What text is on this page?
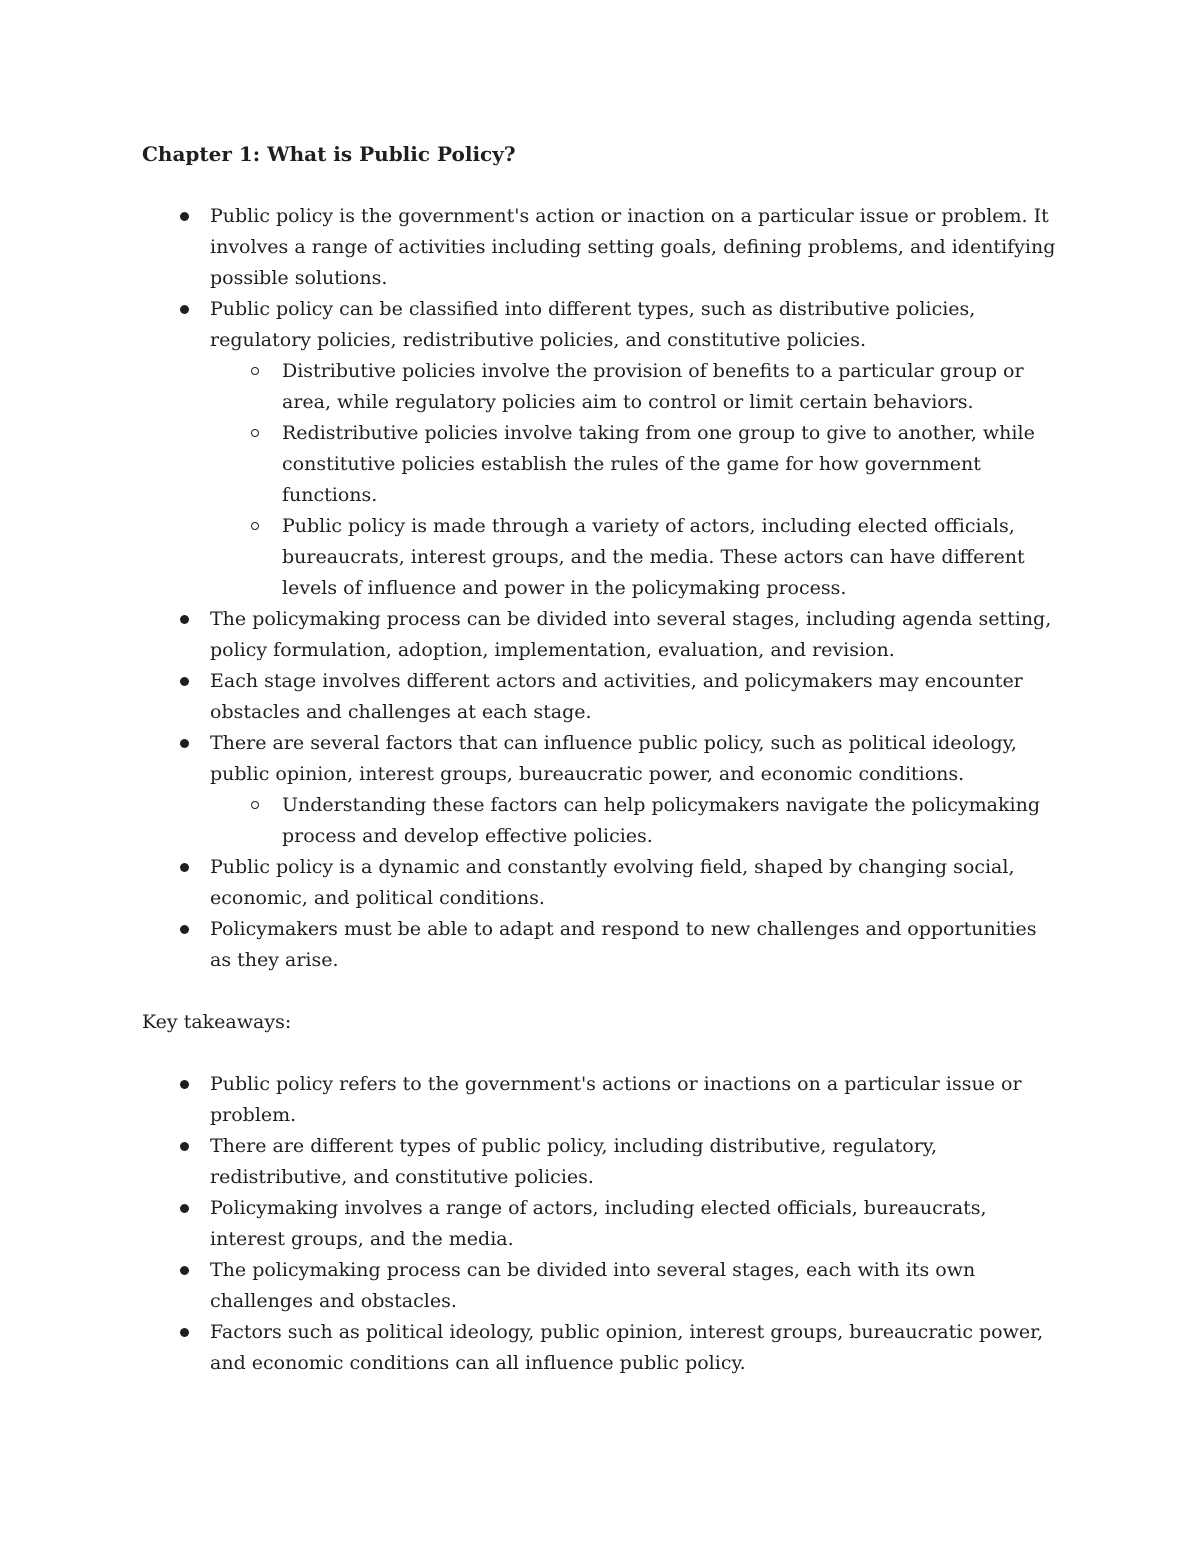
Chapter 1: What is Public Policy?
Public policy is the government's action or inaction on a particular issue or problem. It involves a range of activities including setting goals, defining problems, and identifying possible solutions.
Public policy can be classified into different types, such as distributive policies, regulatory policies, redistributive policies, and constitutive policies.
Distributive policies involve the provision of benefits to a particular group or area, while regulatory policies aim to control or limit certain behaviors.
Redistributive policies involve taking from one group to give to another, while constitutive policies establish the rules of the game for how government functions.
Public policy is made through a variety of actors, including elected officials, bureaucrats, interest groups, and the media. These actors can have different levels of influence and power in the policymaking process.
The policymaking process can be divided into several stages, including agenda setting, policy formulation, adoption, implementation, evaluation, and revision.
Each stage involves different actors and activities, and policymakers may encounter obstacles and challenges at each stage.
There are several factors that can influence public policy, such as political ideology, public opinion, interest groups, bureaucratic power, and economic conditions.
Understanding these factors can help policymakers navigate the policymaking process and develop effective policies.
Public policy is a dynamic and constantly evolving field, shaped by changing social, economic, and political conditions.
Policymakers must be able to adapt and respond to new challenges and opportunities as they arise.
Key takeaways:
Public policy refers to the government's actions or inactions on a particular issue or problem.
There are different types of public policy, including distributive, regulatory, redistributive, and constitutive policies.
Policymaking involves a range of actors, including elected officials, bureaucrats, interest groups, and the media.
The policymaking process can be divided into several stages, each with its own challenges and obstacles.
Factors such as political ideology, public opinion, interest groups, bureaucratic power, and economic conditions can all influence public policy.
